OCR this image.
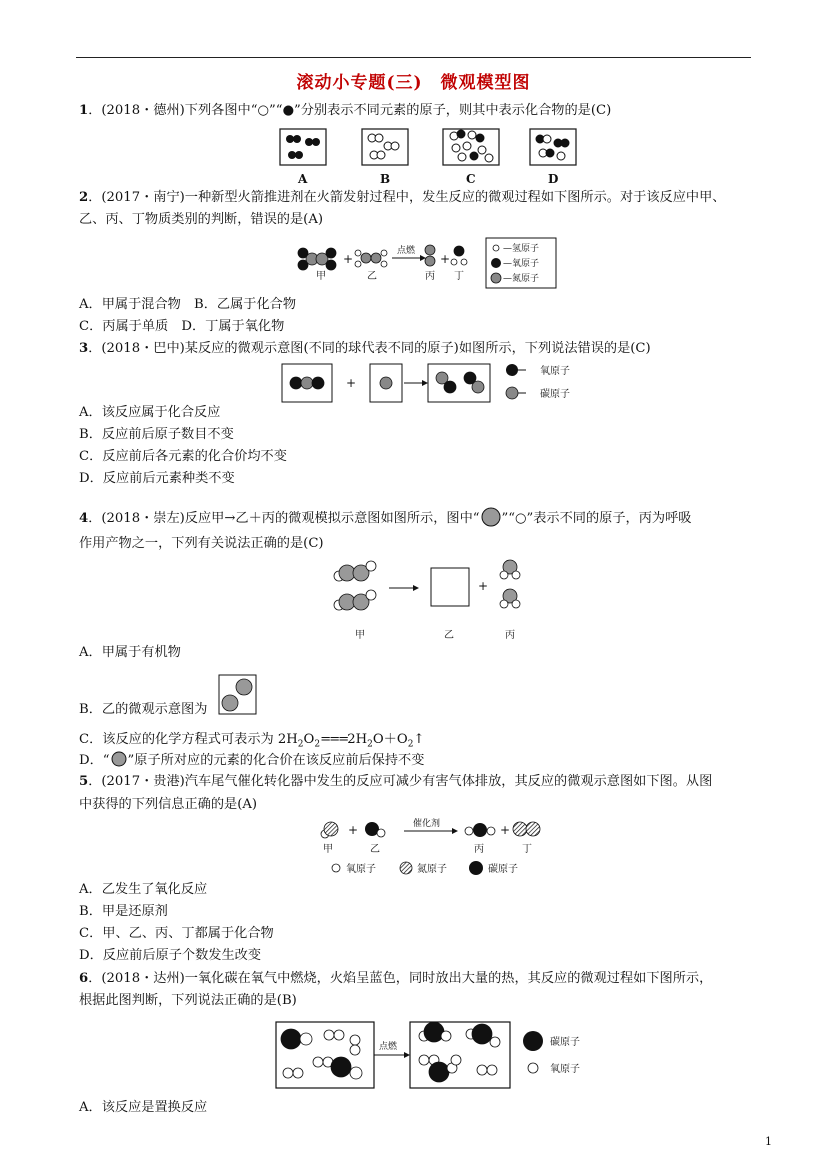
滚动小专题(三)　微观模型图
1．(2018・德州)下列各图中“○”“●”分别表示不同元素的原子，则其中表示化合物的是(C)
A	B	C	D
2．(2017・南宁)一种新型火箭推进剂在火箭发射过程中，发生反应的微观过程如下图所示。对于该反应中甲、
乙、丙、丁物质类别的判断，错误的是(A)
+
点燃
+
甲	乙	丙 丁
—氢原子
—氧原子
—氮原子
A．甲属于混合物　B．乙属于化合物
C．丙属于单质　D．丁属于氧化物
3．(2018・巴中)某反应的微观示意图(不同的球代表不同的原子)如图所示，下列说法错误的是(C)
+
氧原子
碳原子
A．该反应属于化合反应
B．反应前后原子数目不变
C．反应前后各元素的化合价均不变
D．反应前后元素种类不变
4．(2018・崇左)反应甲→乙＋丙的微观模拟示意图如图所示，图中“ ”“○”表示不同的原子，丙为呼吸
作用产物之一，下列有关说法正确的是(C)
+
甲	乙	丙
A．甲属于有机物
B．乙的微观示意图为
C．该反应的化学方程式可表示为 $2H_2O_2===2H_2O+O_2↑$
D．“ ”原子所对应的元素的化合价在该反应前后保持不变
5．(2017・贵港)汽车尾气催化转化器中发生的反应可减少有害气体排放，其反应的微观示意图如下图。从图
中获得的下列信息正确的是(A)
+	催化剂	+
甲	乙	丙	丁
氧原子	氮原子	碳原子
A．乙发生了氧化反应
B．甲是还原剂
C．甲、乙、丙、丁都属于化合物
D．反应前后原子个数发生改变
6．(2018・达州)一氧化碳在氧气中燃烧，火焰呈蓝色，同时放出大量的热，其反应的微观过程如下图所示，
根据此图判断，下列说法正确的是(B)
点燃	碳原子
氧原子
A．该反应是置换反应
1
